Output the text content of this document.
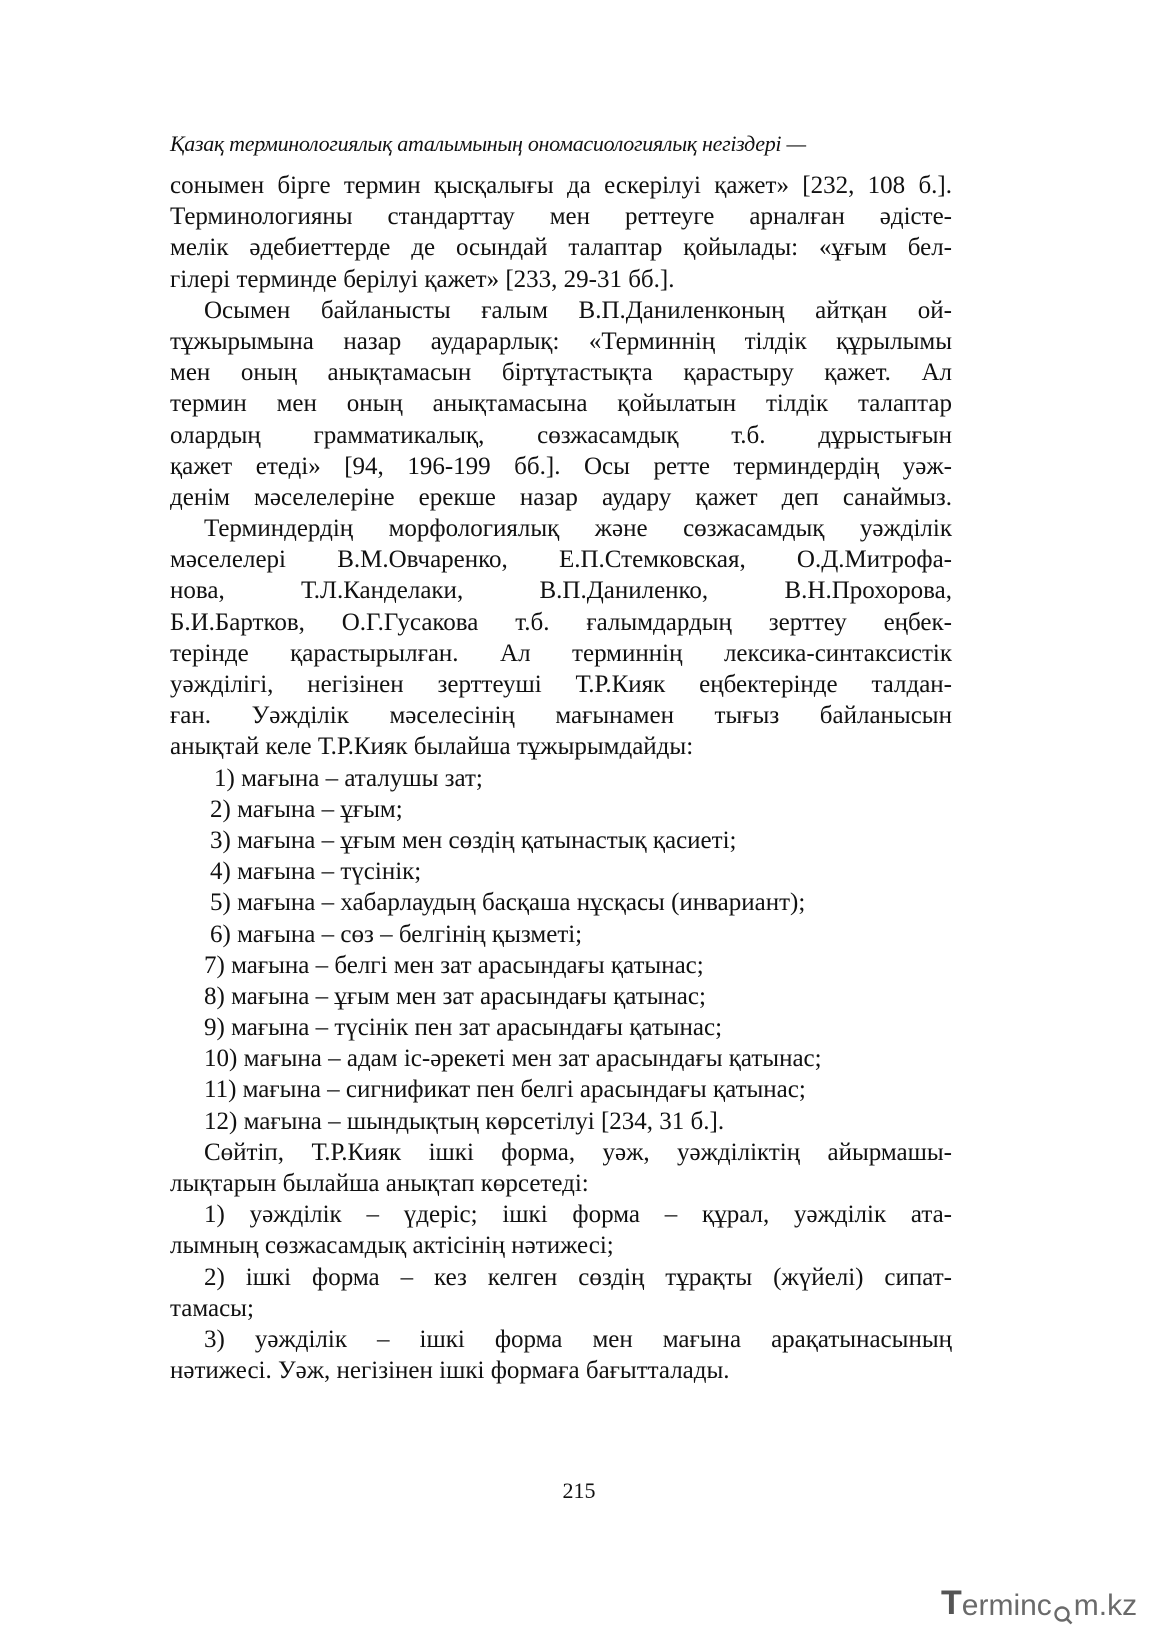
Қазақ терминологиялық аталымының ономасиологиялық негіздері —
сонымен бірге термин қысқалығы да ескерілуі қажет» [232, 108 б.].
Терминологияны стандарттау мен реттеуге арналған әдісте-
мелік әдебиеттерде де осындай талаптар қойылады: «ұғым бел-
гілері терминде берілуі қажет» [233, 29-31 бб.].
Осымен байланысты ғалым В.П.Даниленконың айтқан ой-
тұжырымына назар аударарлық: «Терминнің тілдік құрылымы
мен оның анықтамасын біртұтастықта қарастыру қажет. Ал
термин мен оның анықтамасына қойылатын тілдік талаптар
олардың грамматикалық, сөзжасамдық т.б. дұрыстығын
қажет етеді» [94, 196-199 бб.]. Осы ретте терминдердің уәж-
денім мәселелеріне ерекше назар аудару қажет деп санаймыз.
Терминдердің морфологиялық және сөзжасамдық уәжділік
мәселелері В.М.Овчаренко, Е.П.Стемковская, О.Д.Митрофа-
нова, Т.Л.Канделаки, В.П.Даниленко, В.Н.Прохорова,
Б.И.Бартков, О.Г.Гусакова т.б. ғалымдардың зерттеу еңбек-
терінде қарастырылған. Ал терминнің лексика-синтаксистік
уәжділігі, негізінен зерттеуші Т.Р.Кияк еңбектерінде талдан-
ған. Уәжділік мәселесінің мағынамен тығыз байланысын
анықтай келе Т.Р.Кияк былайша тұжырымдайды:
1) мағына – аталушы зат;
2) мағына – ұғым;
3) мағына – ұғым мен сөздің қатынастық қасиеті;
4) мағына – түсінік;
5) мағына – хабарлаудың басқаша нұсқасы (инвариант);
6) мағына – сөз – белгінің қызметі;
7) мағына – белгі мен зат арасындағы қатынас;
8) мағына – ұғым мен зат арасындағы қатынас;
9) мағына – түсінік пен зат арасындағы қатынас;
10) мағына – адам іс-әрекеті мен зат арасындағы қатынас;
11) мағына – сигнификат пен белгі арасындағы қатынас;
12) мағына – шындықтың көрсетілуі [234, 31 б.].
Сөйтіп, Т.Р.Кияк ішкі форма, уәж, уәжділіктің айырмашы-
лықтарын былайша анықтап көрсетеді:
1) уәжділік – үдеріс; ішкі форма – құрал, уәжділік ата-
лымның сөзжасамдық актісінің нәтижесі;
2) ішкі форма – кез келген сөздің тұрақты (жүйелі) сипат-
тамасы;
3) уәжділік – ішкі форма мен мағына арақатынасының
нәтижесі. Уәж, негізінен ішкі формаға бағытталады.
215
T erminc m.kz
